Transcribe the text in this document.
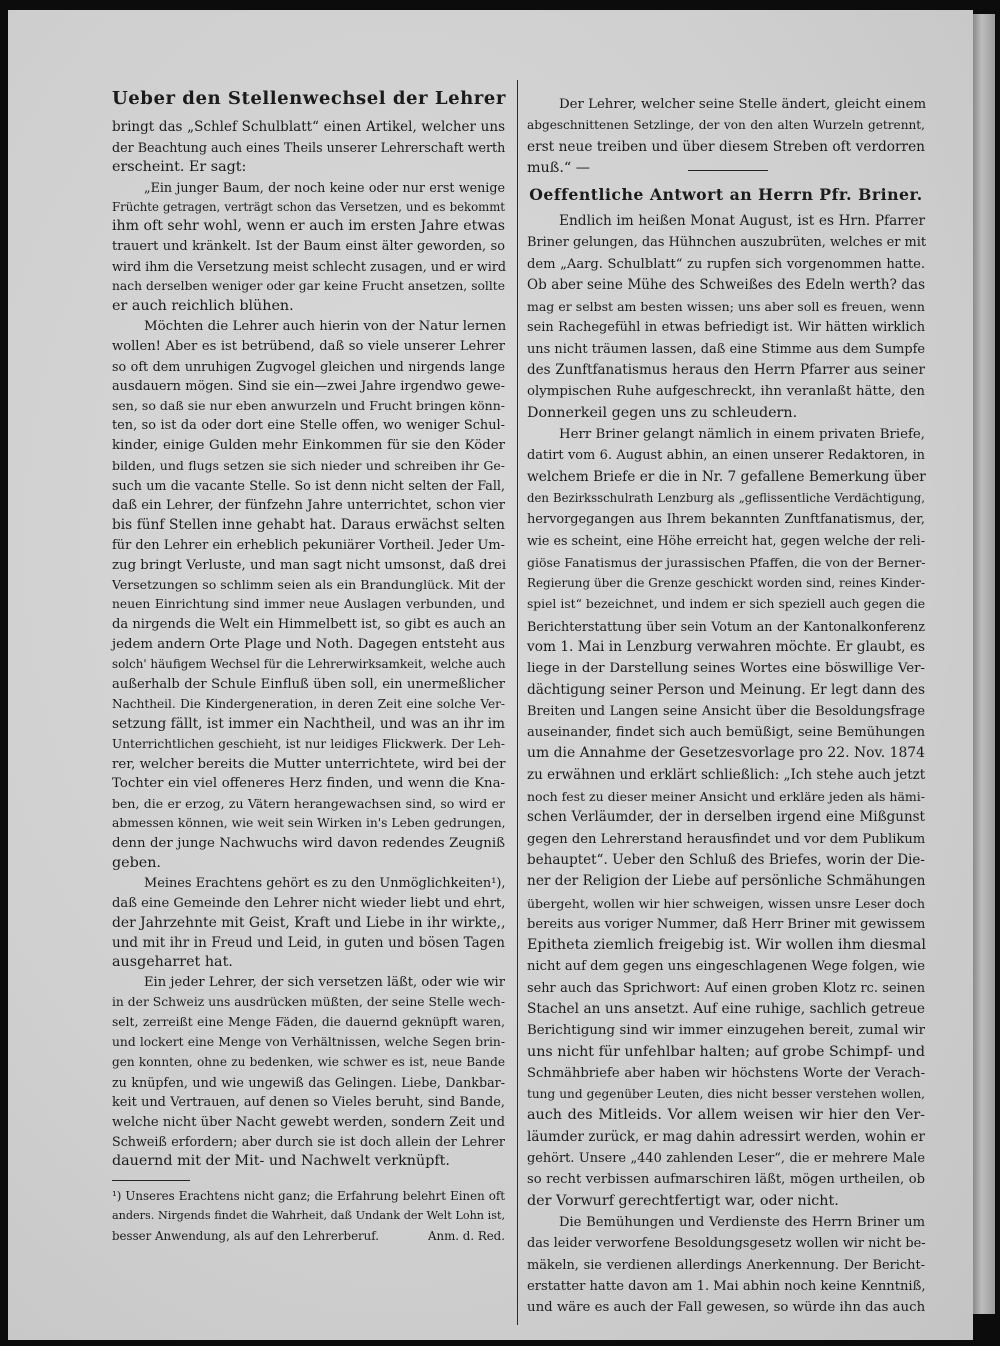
Ueber den Stellenwechsel der Lehrer
bringt das „Schlef Schulblatt“ einen Artikel, welcher uns
der Beachtung auch eines Theils unserer Lehrerschaft werth
erscheint. Er sagt:
„Ein junger Baum, der noch keine oder nur erst wenige
Früchte getragen, verträgt schon das Versetzen, und es bekommt
ihm oft sehr wohl, wenn er auch im ersten Jahre etwas
trauert und kränkelt. Ist der Baum einst älter geworden, so
wird ihm die Versetzung meist schlecht zusagen, und er wird
nach derselben weniger oder gar keine Frucht ansetzen, sollte
er auch reichlich blühen.
Möchten die Lehrer auch hierin von der Natur lernen
wollen! Aber es ist betrübend, daß so viele unserer Lehrer
so oft dem unruhigen Zugvogel gleichen und nirgends lange
ausdauern mögen. Sind sie ein—zwei Jahre irgendwo gewe-
sen, so daß sie nur eben anwurzeln und Frucht bringen könn-
ten, so ist da oder dort eine Stelle offen, wo weniger Schul-
kinder, einige Gulden mehr Einkommen für sie den Köder
bilden, und flugs setzen sie sich nieder und schreiben ihr Ge-
such um die vacante Stelle. So ist denn nicht selten der Fall,
daß ein Lehrer, der fünfzehn Jahre unterrichtet, schon vier
bis fünf Stellen inne gehabt hat. Daraus erwächst selten
für den Lehrer ein erheblich pekuniärer Vortheil. Jeder Um-
zug bringt Verluste, und man sagt nicht umsonst, daß drei
Versetzungen so schlimm seien als ein Brandunglück. Mit der
neuen Einrichtung sind immer neue Auslagen verbunden, und
da nirgends die Welt ein Himmelbett ist, so gibt es auch an
jedem andern Orte Plage und Noth. Dagegen entsteht aus
solch' häufigem Wechsel für die Lehrerwirksamkeit, welche auch
außerhalb der Schule Einfluß üben soll, ein unermeßlicher
Nachtheil. Die Kindergeneration, in deren Zeit eine solche Ver-
setzung fällt, ist immer ein Nachtheil, und was an ihr im
Unterrichtlichen geschieht, ist nur leidiges Flickwerk. Der Leh-
rer, welcher bereits die Mutter unterrichtete, wird bei der
Tochter ein viel offeneres Herz finden, und wenn die Kna-
ben, die er erzog, zu Vätern herangewachsen sind, so wird er
abmessen können, wie weit sein Wirken in's Leben gedrungen,
denn der junge Nachwuchs wird davon redendes Zeugniß
geben.
Meines Erachtens gehört es zu den Unmöglichkeiten¹),
daß eine Gemeinde den Lehrer nicht wieder liebt und ehrt,
der Jahrzehnte mit Geist, Kraft und Liebe in ihr wirkte,,
und mit ihr in Freud und Leid, in guten und bösen Tagen
ausgeharret hat.
Ein jeder Lehrer, der sich versetzen läßt, oder wie wir
in der Schweiz uns ausdrücken müßten, der seine Stelle wech-
selt, zerreißt eine Menge Fäden, die dauernd geknüpft waren,
und lockert eine Menge von Verhältnissen, welche Segen brin-
gen konnten, ohne zu bedenken, wie schwer es ist, neue Bande
zu knüpfen, und wie ungewiß das Gelingen. Liebe, Dankbar-
keit und Vertrauen, auf denen so Vieles beruht, sind Bande,
welche nicht über Nacht gewebt werden, sondern Zeit und
Schweiß erfordern; aber durch sie ist doch allein der Lehrer
dauernd mit der Mit- und Nachwelt verknüpft.
¹) Unseres Erachtens nicht ganz; die Erfahrung belehrt Einen oft
anders. Nirgends findet die Wahrheit, daß Undank der Welt Lohn ist,
besser Anwendung, als auf den Lehrerberuf.	Anm. d. Red.
Der Lehrer, welcher seine Stelle ändert, gleicht einem
abgeschnittenen Setzlinge, der von den alten Wurzeln getrennt,
erst neue treiben und über diesem Streben oft verdorren
muß.“ —
Oeffentliche Antwort an Herrn Pfr. Briner.
Endlich im heißen Monat August, ist es Hrn. Pfarrer
Briner gelungen, das Hühnchen auszubrüten, welches er mit
dem „Aarg. Schulblatt“ zu rupfen sich vorgenommen hatte.
Ob aber seine Mühe des Schweißes des Edeln werth? das
mag er selbst am besten wissen; uns aber soll es freuen, wenn
sein Rachegefühl in etwas befriedigt ist. Wir hätten wirklich
uns nicht träumen lassen, daß eine Stimme aus dem Sumpfe
des Zunftfanatismus heraus den Herrn Pfarrer aus seiner
olympischen Ruhe aufgeschreckt, ihn veranlaßt hätte, den
Donnerkeil gegen uns zu schleudern.
Herr Briner gelangt nämlich in einem privaten Briefe,
datirt vom 6. August abhin, an einen unserer Redaktoren, in
welchem Briefe er die in Nr. 7 gefallene Bemerkung über
den Bezirksschulrath Lenzburg als „geflissentliche Verdächtigung,
hervorgegangen aus Ihrem bekannten Zunftfanatismus, der,
wie es scheint, eine Höhe erreicht hat, gegen welche der reli-
giöse Fanatismus der jurassischen Pfaffen, die von der Berner-
Regierung über die Grenze geschickt worden sind, reines Kinder-
spiel ist“ bezeichnet, und indem er sich speziell auch gegen die
Berichterstattung über sein Votum an der Kantonalkonferenz
vom 1. Mai in Lenzburg verwahren möchte. Er glaubt, es
liege in der Darstellung seines Wortes eine böswillige Ver-
dächtigung seiner Person und Meinung. Er legt dann des
Breiten und Langen seine Ansicht über die Besoldungsfrage
auseinander, findet sich auch bemüßigt, seine Bemühungen
um die Annahme der Gesetzesvorlage pro 22. Nov. 1874
zu erwähnen und erklärt schließlich: „Ich stehe auch jetzt
noch fest zu dieser meiner Ansicht und erkläre jeden als hämi-
schen Verläumder, der in derselben irgend eine Mißgunst
gegen den Lehrerstand herausfindet und vor dem Publikum
behauptet“. Ueber den Schluß des Briefes, worin der Die-
ner der Religion der Liebe auf persönliche Schmähungen
übergeht, wollen wir hier schweigen, wissen unsre Leser doch
bereits aus voriger Nummer, daß Herr Briner mit gewissem
Epitheta ziemlich freigebig ist. Wir wollen ihm diesmal
nicht auf dem gegen uns eingeschlagenen Wege folgen, wie
sehr auch das Sprichwort: Auf einen groben Klotz rc. seinen
Stachel an uns ansetzt. Auf eine ruhige, sachlich getreue
Berichtigung sind wir immer einzugehen bereit, zumal wir
uns nicht für unfehlbar halten; auf grobe Schimpf- und
Schmähbriefe aber haben wir höchstens Worte der Verach-
tung und gegenüber Leuten, dies nicht besser verstehen wollen,
auch des Mitleids. Vor allem weisen wir hier den Ver-
läumder zurück, er mag dahin adressirt werden, wohin er
gehört. Unsere „440 zahlenden Leser“, die er mehrere Male
so recht verbissen aufmarschiren läßt, mögen urtheilen, ob
der Vorwurf gerechtfertigt war, oder nicht.
Die Bemühungen und Verdienste des Herrn Briner um
das leider verworfene Besoldungsgesetz wollen wir nicht be-
mäkeln, sie verdienen allerdings Anerkennung. Der Bericht-
erstatter hatte davon am 1. Mai abhin noch keine Kenntniß,
und wäre es auch der Fall gewesen, so würde ihn das auch
